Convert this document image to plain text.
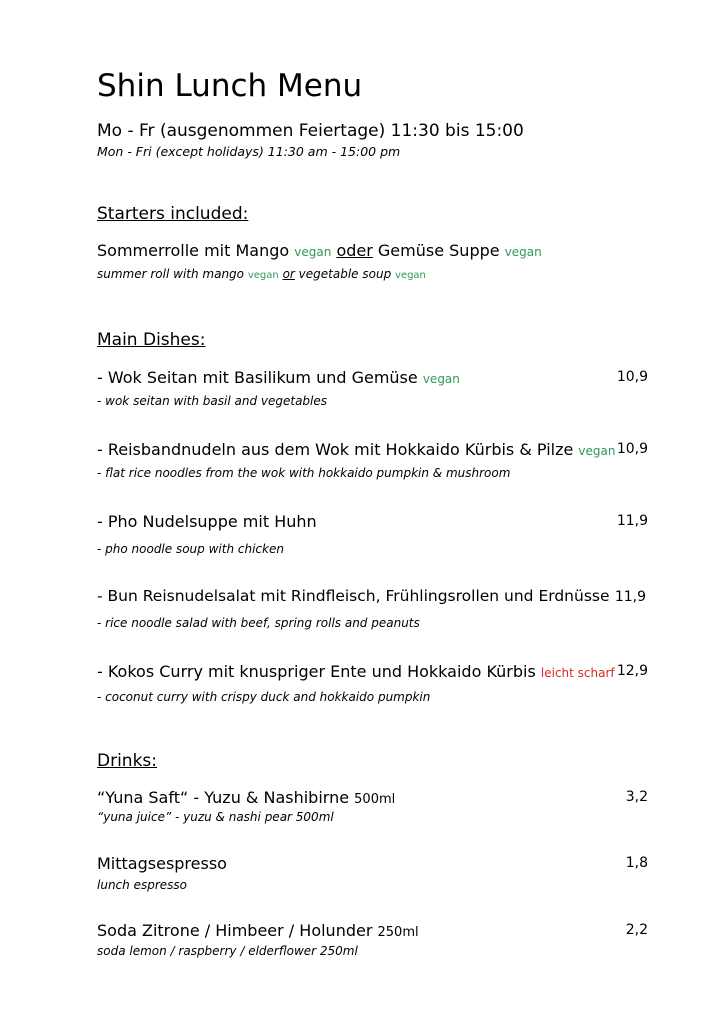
Shin Lunch Menu
Mo - Fr (ausgenommen Feiertage) 11:30 bis 15:00
Mon - Fri (except holidays) 11:30 am - 15:00 pm
Starters included:
Sommerrolle mit Mango vegan oder Gemüse Suppe vegan
summer roll with mango vegan or vegetable soup vegan
Main Dishes:
- Wok Seitan mit Basilikum und Gemüse vegan	10,9
- wok seitan with basil and vegetables
- Reisbandnudeln aus dem Wok mit Hokkaido Kürbis & Pilze vegan 10,9
- flat rice noodles from the wok with hokkaido pumpkin & mushroom
- Pho Nudelsuppe mit Huhn	11,9
- pho noodle soup with chicken
- Bun Reisnudelsalat mit Rindfleisch, Frühlingsrollen und Erdnüsse 11,9
- rice noodle salad with beef, spring rolls and peanuts
- Kokos Curry mit knuspriger Ente und Hokkaido Kürbis leicht scharf 12,9
- coconut curry with crispy duck and hokkaido pumpkin
Drinks:
“Yuna Saft“ - Yuzu & Nashibirne 500ml	3,2
“yuna juice” - yuzu & nashi pear 500ml
Mittagsespresso	1,8
lunch espresso
Soda Zitrone / Himbeer / Holunder 250ml	2,2
soda lemon / raspberry / elderflower 250ml
